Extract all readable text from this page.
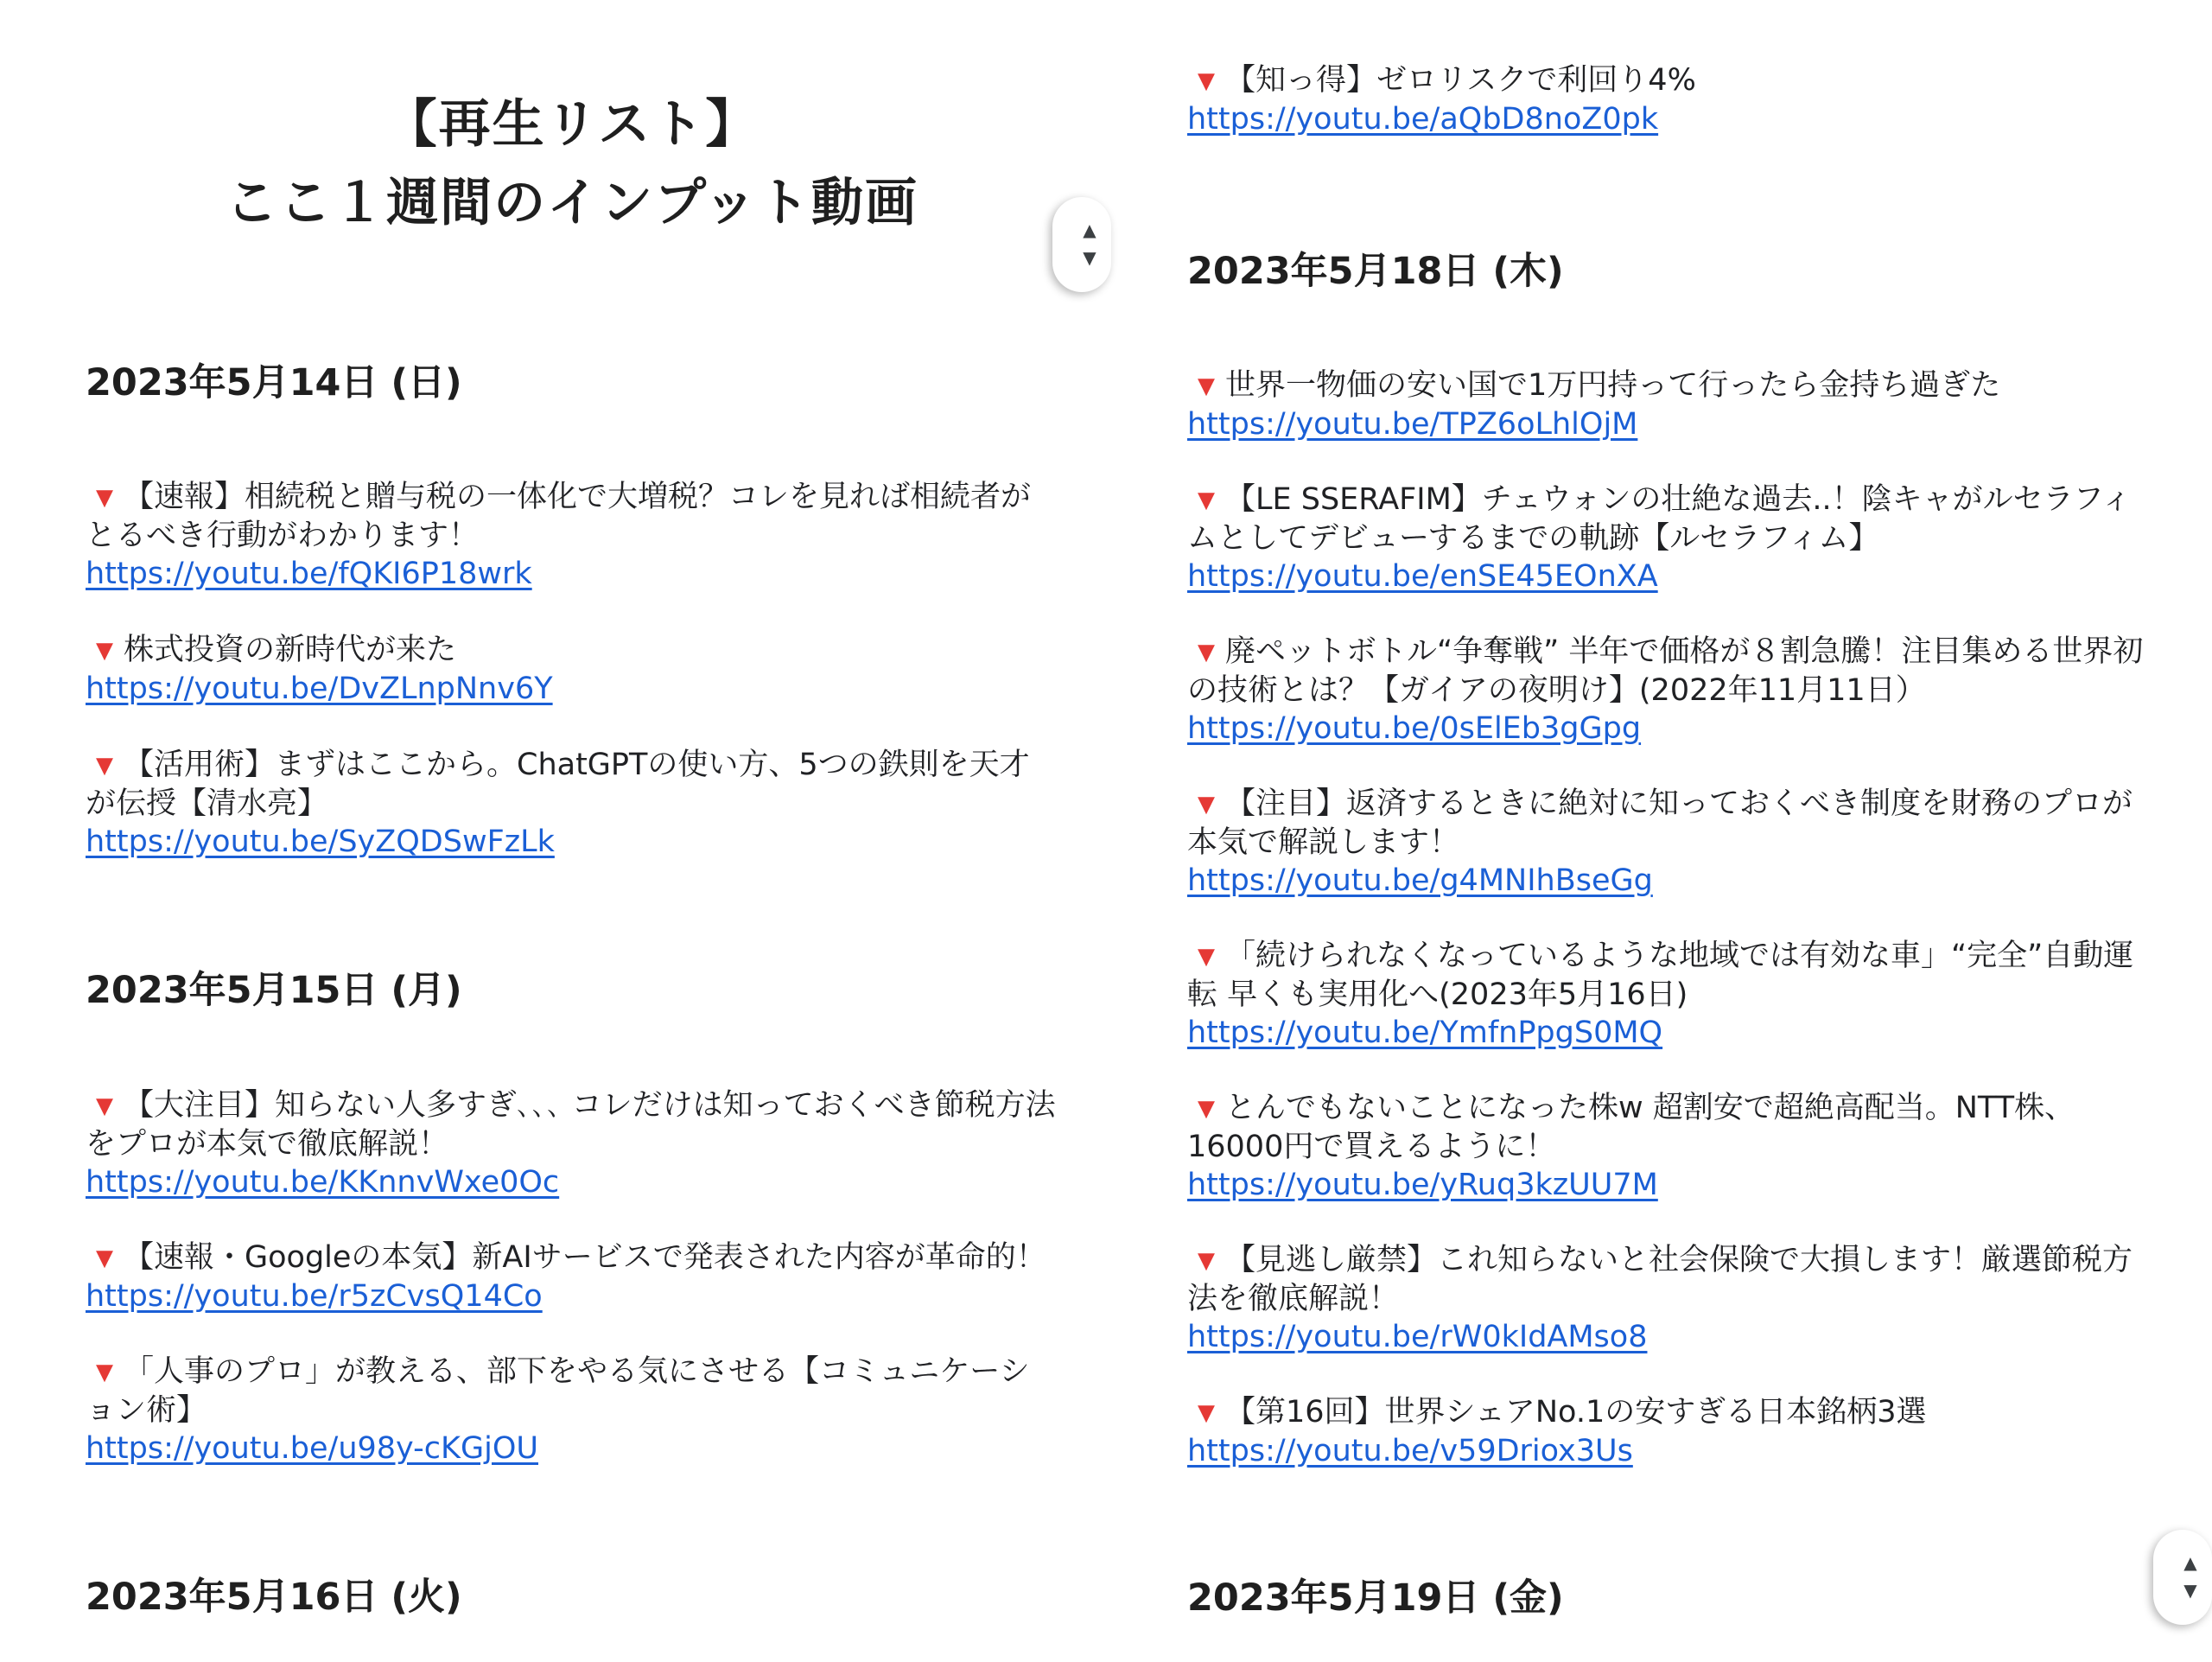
【再生リスト】
ここ１週間のインプット動画
2023年5月14日 (日)

▼ 【速報】相続税と贈与税の一体化で大増税？コレを見れば相続者がとるべき行動がわかります！

https://youtu.be/fQKI6P18wrk

▼ 株式投資の新時代が来た

https://youtu.be/DvZLnpNnv6Y

▼ 【活用術】まずはここから。ChatGPTの使い方、5つの鉄則を天才が伝授【清水亮】

https://youtu.be/SyZQDSwFzLk
2023年5月15日 (月)

▼ 【大注目】知らない人多すぎ､､､ コレだけは知っておくべき節税方法をプロが本気で徹底解説！

https://youtu.be/KKnnvWxe0Oc

▼ 【速報・Googleの本気】新AIサービスで発表された内容が革命的！

https://youtu.be/r5zCvsQ14Co

▼ 「人事のプロ」が教える、部下をやる気にさせる【コミュニケーション術】

https://youtu.be/u98y-cKGjOU
2023年5月16日 (火)

▼ 【知っ得】ゼロリスクで利回り4%

https://youtu.be/aQbD8noZ0pk
2023年5月18日 (木)

▼ 世界一物価の安い国で1万円持って行ったら金持ち過ぎた

https://youtu.be/TPZ6oLhlOjM

▼ 【LE SSERAFIM】チェウォンの壮絶な過去..！陰キャがルセラフィムとしてデビューするまでの軌跡【ルセラフィム】

https://youtu.be/enSE45EOnXA

▼ 廃ペットボトル“争奪戦” 半年で価格が８割急騰！注目集める世界初の技術とは？【ガイアの夜明け】(2022年11月11日）

https://youtu.be/0sElEb3gGpg

▼ 【注目】返済するときに絶対に知っておくべき制度を財務のプロが本気で解説します！

https://youtu.be/g4MNIhBseGg

▼ 「続けられなくなっているような地域では有効な車」“完全”自動運転 早くも実用化へ(2023年5月16日)

https://youtu.be/YmfnPpgS0MQ

▼ とんでもないことになった株w 超割安で超絶高配当。NTT株、16000円で買えるように！

https://youtu.be/yRuq3kzUU7M

▼ 【見逃し厳禁】これ知らないと社会保険で大損します！厳選節税方法を徹底解説！

https://youtu.be/rW0kIdAMso8

▼ 【第16回】世界シェアNo.1の安すぎる日本銘柄3選

https://youtu.be/v59Driox3Us
2023年5月19日 (金)
▲
▼
▲
▼
